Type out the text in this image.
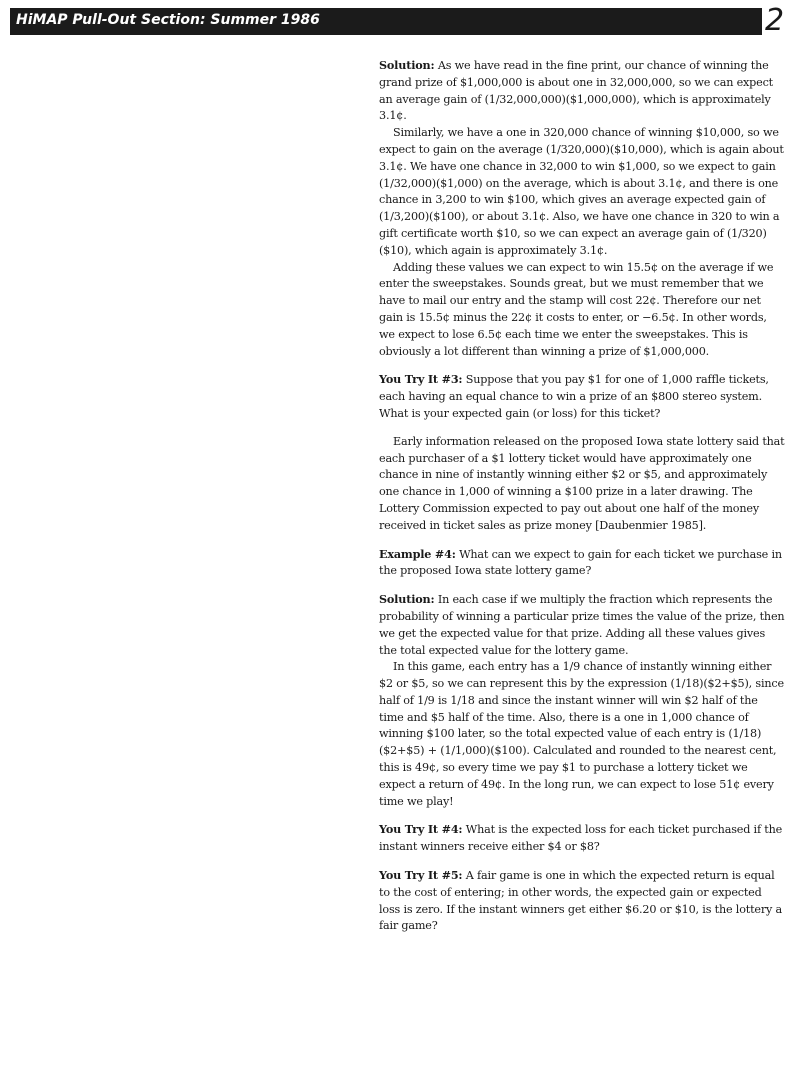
HiMAP Pull-Out Section: Summer 1986	2

Solution: As we have read in the fine print, our chance of winning the grand prize of $1,000,000 is about one in 32,000,000, so we can expect an average gain of (1/32,000,000)($1,000,000), which is approximately 3.1¢.

Similarly, we have a one in 320,000 chance of winning $10,000, so we expect to gain on the average (1/320,000)($10,000), which is again about 3.1¢. We have one chance in 32,000 to win $1,000, so we expect to gain (1/32,000)($1,000) on the average, which is about 3.1¢, and there is one chance in 3,200 to win $100, which gives an average expected gain of (1/3,200)($100), or about 3.1¢. Also, we have one chance in 320 to win a gift certificate worth $10, so we can expect an average gain of (1/320)($10), which again is approximately 3.1¢.

Adding these values we can expect to win 15.5¢ on the average if we enter the sweepstakes. Sounds great, but we must remember that we have to mail our entry and the stamp will cost 22¢. Therefore our net gain is 15.5¢ minus the 22¢ it costs to enter, or −6.5¢. In other words, we expect to lose 6.5¢ each time we enter the sweepstakes. This is obviously a lot different than winning a prize of $1,000,000.

You Try It #3: Suppose that you pay $1 for one of 1,000 raffle tickets, each having an equal chance to win a prize of an $800 stereo system. What is your expected gain (or loss) for this ticket?

Early information released on the proposed Iowa state lottery said that each purchaser of a $1 lottery ticket would have approximately one chance in nine of instantly winning either $2 or $5, and approximately one chance in 1,000 of winning a $100 prize in a later drawing. The Lottery Commission expected to pay out about one half of the money received in ticket sales as prize money [Daubenmier 1985].

Example #4: What can we expect to gain for each ticket we purchase in the proposed Iowa state lottery game?

Solution: In each case if we multiply the fraction which represents the probability of winning a particular prize times the value of the prize, then we get the expected value for that prize. Adding all these values gives the total expected value for the lottery game.

In this game, each entry has a 1/9 chance of instantly winning either $2 or $5, so we can represent this by the expression (1/18)($2+$5), since half of 1/9 is 1/18 and since the instant winner will win $2 half of the time and $5 half of the time. Also, there is a one in 1,000 chance of winning $100 later, so the total expected value of each entry is (1/18)($2+$5) + (1/1,000)($100). Calculated and rounded to the nearest cent, this is 49¢, so every time we pay $1 to purchase a lottery ticket we expect a return of 49¢. In the long run, we can expect to lose 51¢ every time we play!

You Try It #4: What is the expected loss for each ticket purchased if the instant winners receive either $4 or $8?

You Try It #5: A fair game is one in which the expected return is equal to the cost of entering; in other words, the expected gain or expected loss is zero. If the instant winners get either $6.20 or $10, is the lottery a fair game?
